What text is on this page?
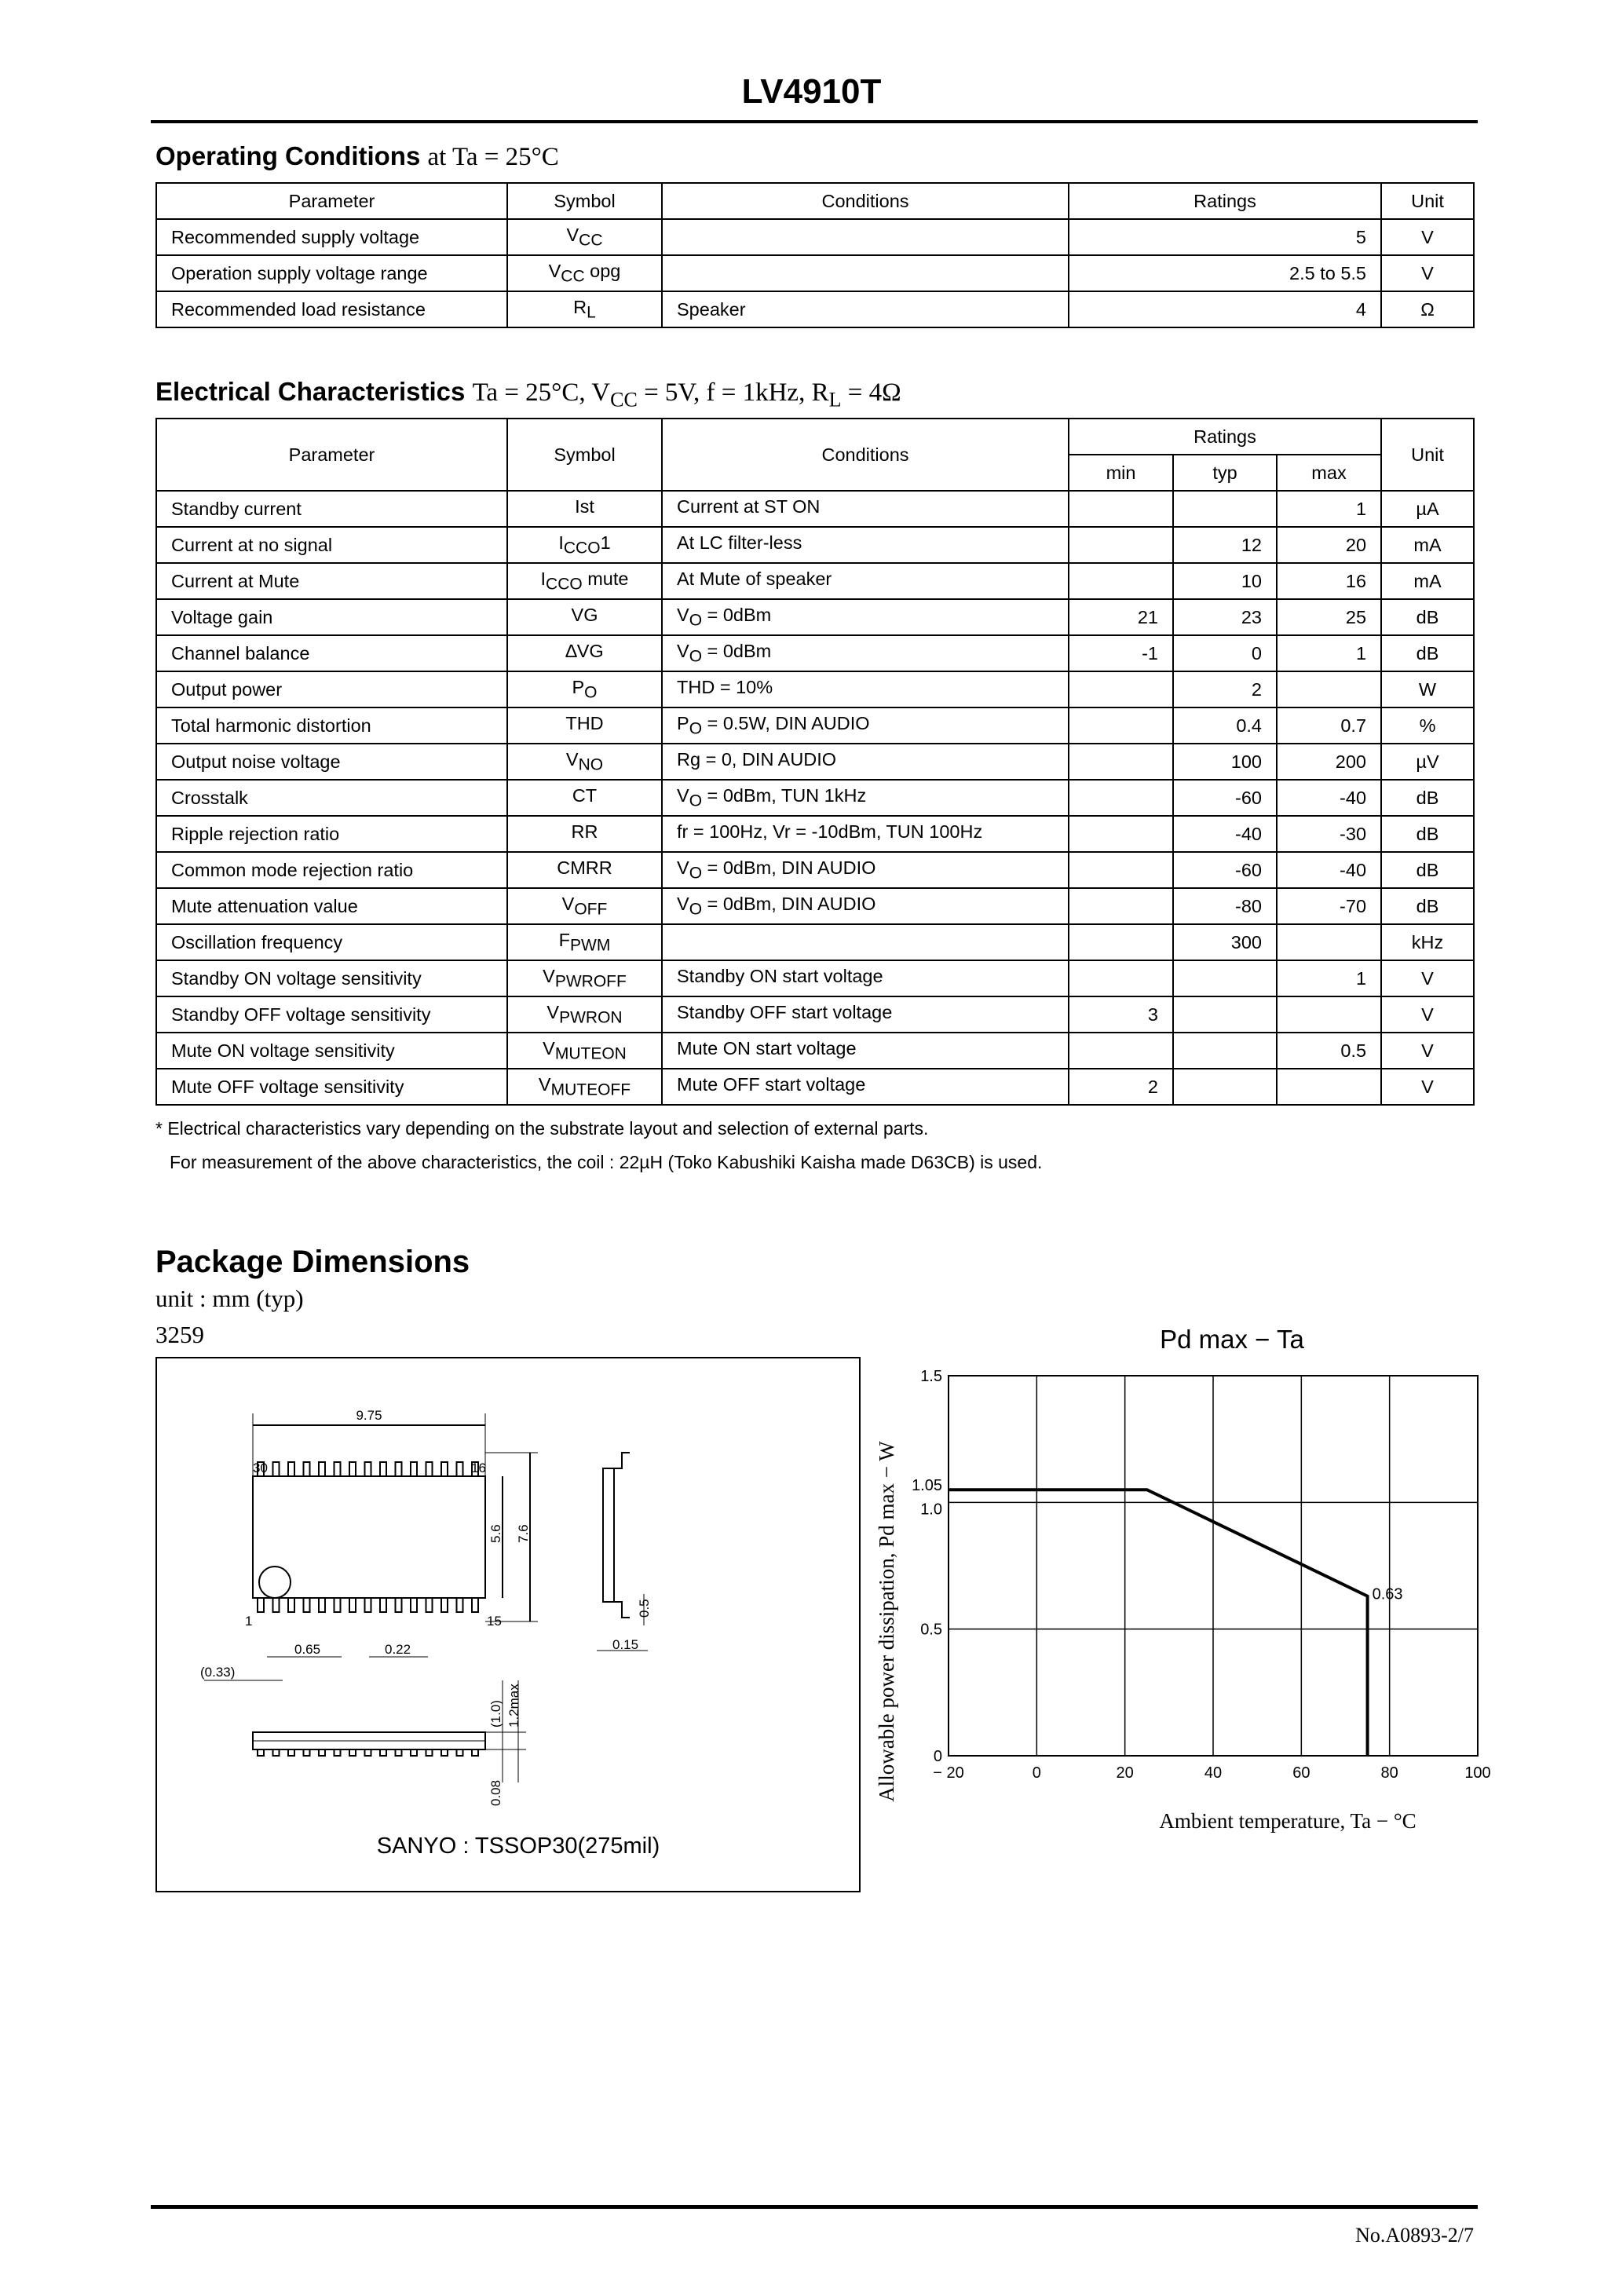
LV4910T
Operating Conditions at Ta = 25°C
Parameter	Symbol	Conditions	Ratings	Unit
Recommended supply voltage	$V_{CC}$		5	V
Operation supply voltage range	$V_{CC}$ opg		2.5 to 5.5	V
Recommended load resistance	$R_L$	Speaker	4	Ω
Electrical Characteristics Ta = 25°C, $V_{CC} = 5V$, f = 1kHz, $R_L = 4\Omega$
Parameter	Symbol	Conditions	Ratings			Unit
			min	typ	max	
Standby current	Ist	Current at ST ON			1	µA
Current at no signal	$I_{CCO}1$	At LC filter-less		12	20	mA
Current at Mute	$I_{CCO}$ mute	At Mute of speaker		10	16	mA
Voltage gain	VG	$V_O = 0dBm$	21	23	25	dB
Channel balance	∆VG	$V_O = 0dBm$	-1	0	1	dB
Output power	$P_O$	THD = 10%		2		W
Total harmonic distortion	THD	$P_O = 0.5W$, DIN AUDIO		0.4	0.7	%
Output noise voltage	$V_{NO}$	Rg = 0, DIN AUDIO		100	200	µV
Crosstalk	CT	$V_O = 0dBm$, TUN 1kHz		-60	-40	dB
Ripple rejection ratio	RR	fr = 100Hz, Vr = -10dBm, TUN 100Hz		-40	-30	dB
Common mode rejection ratio	CMRR	$V_O = 0dBm$, DIN AUDIO		-60	-40	dB
Mute attenuation value	$V_{OFF}$	$V_O = 0dBm$, DIN AUDIO		-80	-70	dB
Oscillation frequency	$F_{PWM}$			300		kHz
Standby ON voltage sensitivity	$V_{PWROFF}$	Standby ON start voltage			1	V
Standby OFF voltage sensitivity	$V_{PWRON}$	Standby OFF start voltage	3			V
Mute ON voltage sensitivity	$V_{MUTEON}$	Mute ON start voltage			0.5	V
Mute OFF voltage sensitivity	$V_{MUTEOFF}$	Mute OFF start voltage	2			V
* Electrical characteristics vary depending on the substrate layout and selection of external parts.
For measurement of the above characteristics, the coil : 22µH (Toko Kabushiki Kaisha made D63CB) is used.
Package Dimensions
unit : mm (typ)
3259
9.75
30	16
1	15
5.6 7.6
0.65	0.22
(0.33)
0.5
0.15
(1.0) 1.2max
0.08
SANYO : TSSOP30(275mil)
Pd max − Ta
− 20	0	20	40	60	80	100
0
0.5
1.0
1.05
1.5
0.63
Ambient temperature, Ta − °C
Allowable power dissipation, Pd max − W
No.A0893-2/7
